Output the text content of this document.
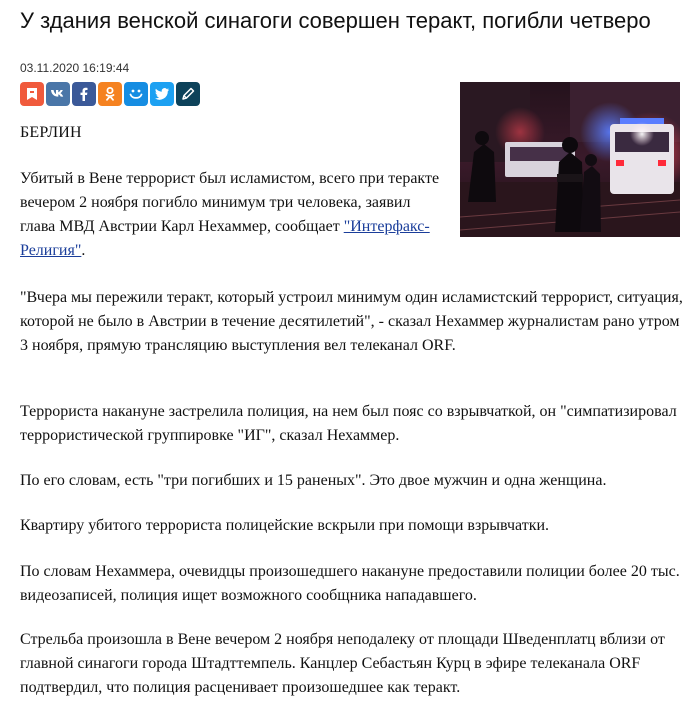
У здания венской синагоги совершен теракт, погибли четверо
03.11.2020 16:19:44
БЕРЛИН

Убитый в Вене террорист был исламистом, всего при теракте вечером 2 ноября погибло минимум три человека, заявил глава МВД Австрии Карл Нехаммер, сообщает "Интерфакс-Религия".

"Вчера мы пережили теракт, который устроил минимум один исламистский террорист, ситуация, которой не было в Австрии в течение десятилетий", - сказал Нехаммер журналистам рано утром 3 ноября, прямую трансляцию выступления вел телеканал ORF.

Террориста накануне застрелила полиция, на нем был пояс со взрывчаткой, он "симпатизировал террористической группировке "ИГ", сказал Нехаммер.

По его словам, есть "три погибших и 15 раненых". Это двое мужчин и одна женщина.

Квартиру убитого террориста полицейские вскрыли при помощи взрывчатки.

По словам Нехаммера, очевидцы произошедшего накануне предоставили полиции более 20 тыс. видеозаписей, полиция ищет возможного сообщника нападавшего.

Стрельба произошла в Вене вечером 2 ноября неподалеку от площади Шведенплатц вблизи от главной синагоги города Штадттемпель. Канцлер Себастьян Курц в эфире телеканала ORF подтвердил, что полиция расценивает произошедшее как теракт.
